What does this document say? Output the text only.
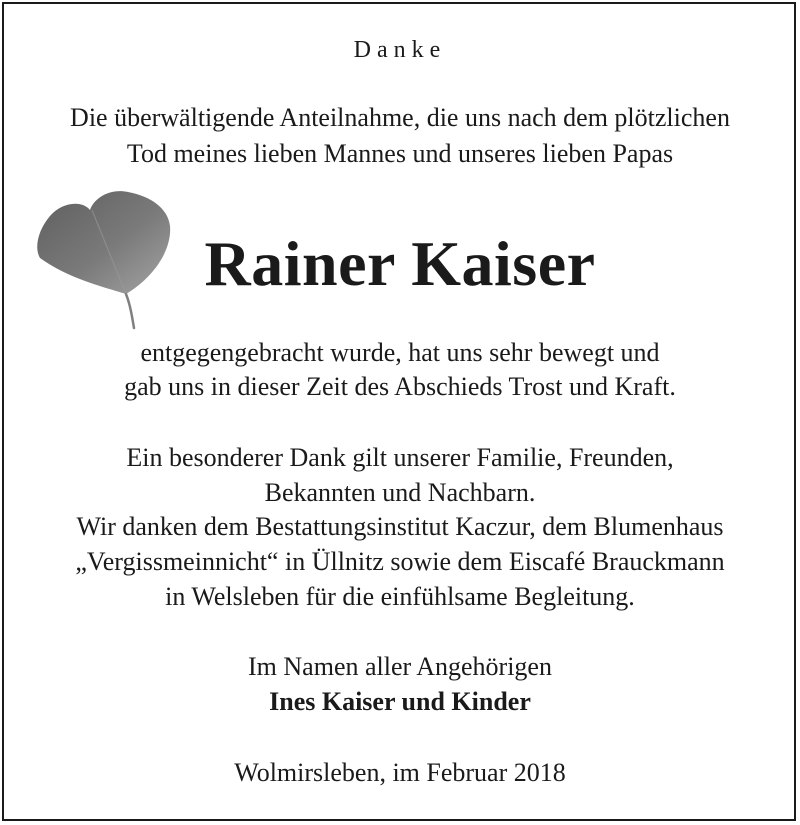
Danke
Die überwältigende Anteilnahme, die uns nach dem plötzlichen
Tod meines lieben Mannes und unseres lieben Papas
Rainer Kaiser
entgegengebracht wurde, hat uns sehr bewegt und
gab uns in dieser Zeit des Abschieds Trost und Kraft.
Ein besonderer Dank gilt unserer Familie, Freunden,
Bekannten und Nachbarn.
Wir danken dem Bestattungsinstitut Kaczur, dem Blumenhaus
„Vergissmeinnicht“ in Üllnitz sowie dem Eiscafé Brauckmann
in Welsleben für die einfühlsame Begleitung.
Im Namen aller Angehörigen
Ines Kaiser und Kinder
Wolmirsleben, im Februar 2018
